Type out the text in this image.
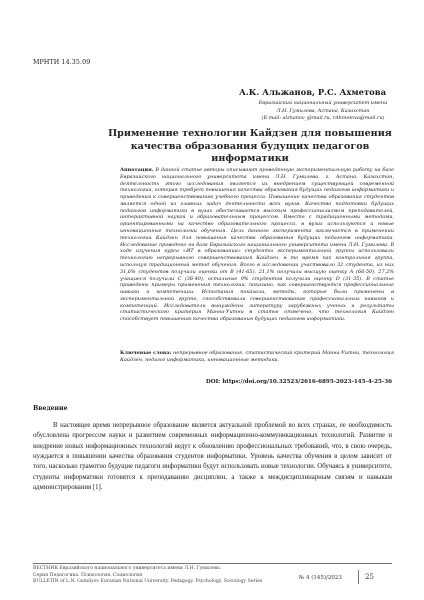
МРНТИ 14.35.09
А.К. Альжанов, Р.С. Ахметова
Евразийский национальный университет имени Л.Н. Гумилева, Астана, Казахстан
(E-mail: alzhanov_@mail.ru, rAhmetova@mail.ru)
Применение технологии Кайдзен для повышения качества образования будущих педагогов информатики
Аннотация. В данной статье авторы описывают проведенную экспериментальную работу на базе Евразийского национального университета имени Л.Н. Гумилева, г. Астана, Казахстан, деятельность этого исследования является их внедрением существующей современной технологии, которая требует повышения качества образования будущих педагогов информатики и приведения к совершенствованию учебного процесса. Повышение качества образования студентов является одной из главных задач деятельности всех вузов. Качество подготовки будущих педагогов информатики в вузах обеспечивается высоким профессионализмом преподавателей, интерактивной наукой и образовательным процессом. Вместе с традиционными методами, ориентированными на качество образовательного процесса, в вузах используются и новые инновационные технологии обучения. Цель данного эксперимента заключается в применении технологии Кайдзен для повышения качества образования будущих педагогов информатики. Исследование проведено на базе Евразийского национального университета имени Л.Н. Гумилева. В ходе изучения курса «ИТ в образовании» студенты экспериментальной группы использовали технологию непрерывного совершенствования Кайдзен, в то время как контрольная группа, используя традиционный метод обучения. Всего в исследовании участвовало 32 студента, из них 31,6% студентов получили оценки от В (41-65). 21,1% получили высшую оценку А (66-50). 27,2% учащиеся получили С (36-40), остальные 9% студентов получили оценку D (31-35). В статье приведены примеры применения технологии, показано, как совершенствуется профессиональные навыки и компетенции. Испытания показали, методы, которые были применены в экспериментальной группе, способствовали совершенствованию профессиональных навыков и компетенций. Исследователи вынуждены литературу зарубежных ученых и результаты статистического критерия Манна-Уитни в статье отмечено, что технология Кайдзен способствует повышению качества образования будущих педагогов информатики.
Ключевые слова: непрерывное образование, статистический критерий Манна-Уитни, технология Кайдзен, педагог информатики, инновационные методики.
DOI: https://doi.org/10.32523/2616-6895-2023-145-4-25-36
Введение
В настоящее время непрерывное образование является актуальной проблемой во всех странах, ее необходимость обусловлена прогрессом науки и развитием современных информационно-коммуникационных технологий. Развитие и внедрение новых информационных технологий ведут к обновлению профессиональных требований, что, в свою очередь, нуждается в повышении качества образования студентов информатики. Уровень качества обучения в целом зависит от того, насколько грамотно будущие педагоги информатики будут использовать новые технологии. Обучаясь в университете, студенты информатики готовятся к преподаванию дисциплин, а также к междисциплинарным связям и навыкам администрирования [1].
ВЕСТНИК Евразийского национального университета имени Л.Н. Гумилева.
Серия Педагогика. Психология. Социология
BULLETIN of L.N. Gumilyov Eurasian National University. Pedagogy. Psychology. Sociology Series
№ 4 (145)/2023	25
